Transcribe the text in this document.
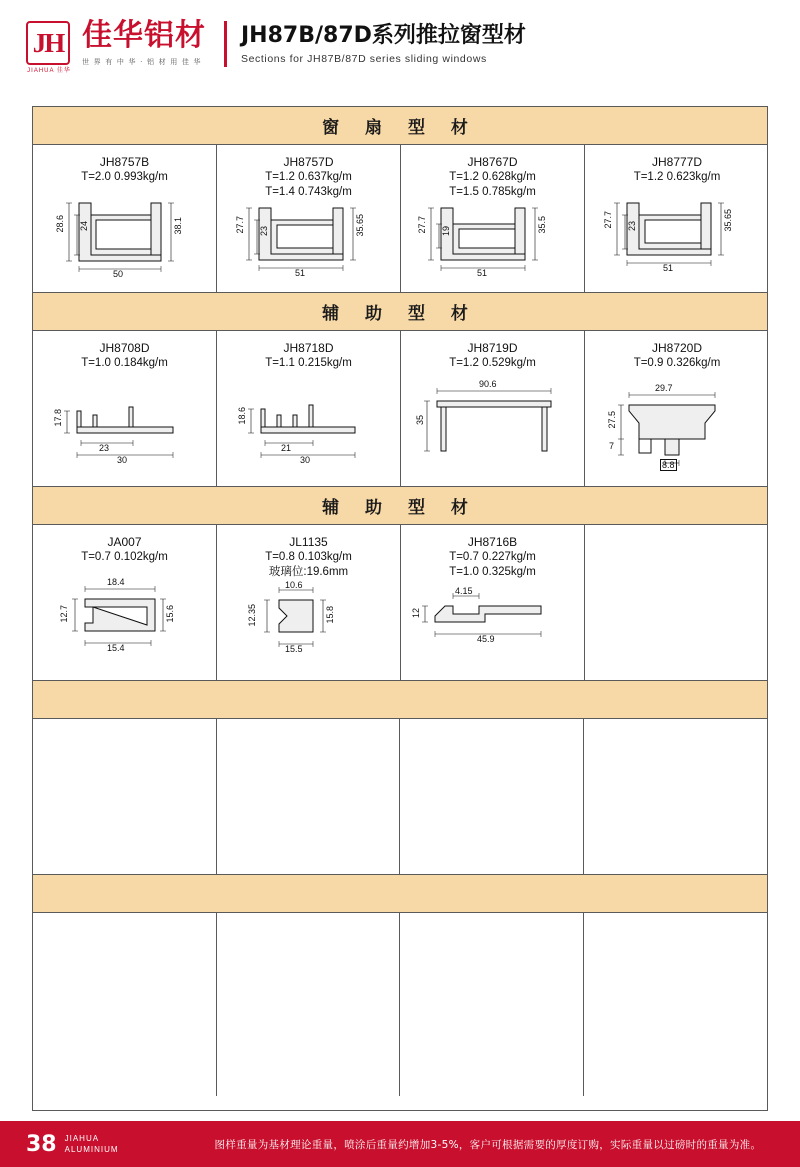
JH
JIAHUA 佳华
佳华铝材
世 界 有 中 华 · 铝 材 用 佳 华
JH87B/87D系列推拉窗型材
Sections for JH87B/87D series sliding windows
窗 扇 型 材
JH8757B
T=2.0 0.993kg/m
28.6 24	38.1
50
JH8757D
T=1.2 0.637kg/m
T=1.4 0.743kg/m
27.7 23	35.65
51
JH8767D
T=1.2 0.628kg/m
T=1.5 0.785kg/m
27.7 19	35.5
51
JH8777D
T=1.2 0.623kg/m
27.7 23	35.65
51
辅 助 型 材
JH8708D
T=1.0 0.184kg/m
17.8
23
30
JH8718D
T=1.1 0.215kg/m
18.6
21
30
JH8719D
T=1.2 0.529kg/m
90.6
35
JH8720D
T=0.9 0.326kg/m
29.7
27.5
7
8.8
辅 助 型 材
JA007
T=0.7 0.102kg/m
18.4
12.7	15.6
15.4
JL1135
T=0.8 0.103kg/m
玻璃位:19.6mm
10.6
12.35	15.8
15.5
JH8716B
T=0.7 0.227kg/m
T=1.0 0.325kg/m
4.15
12
45.9
38 JIAHUA
ALUMINIUM	图样重量为基材理论重量，喷涂后重量约增加3-5%，客户可根据需要的厚度订购，实际重量以过磅时的重量为准。
